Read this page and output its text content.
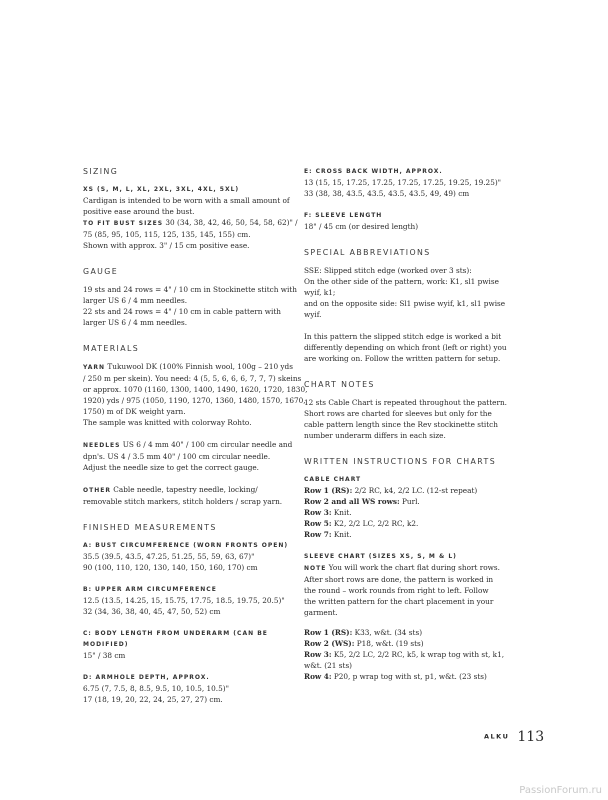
SIZING
XS (S, M, L, XL, 2XL, 3XL, 4XL, 5XL)
Cardigan is intended to be worn with a small amount of
positive ease around the bust.
TO FIT BUST SIZES 30 (34, 38, 42, 46, 50, 54, 58, 62)" /
75 (85, 95, 105, 115, 125, 135, 145, 155) cm.
Shown with approx. 3" / 15 cm positive ease.
GAUGE
19 sts and 24 rows = 4" / 10 cm in Stockinette stitch with
larger US 6 / 4 mm needles.
22 sts and 24 rows = 4" / 10 cm in cable pattern with
larger US 6 / 4 mm needles.
MATERIALS
YARN Tukuwool DK (100% Finnish wool, 100g – 210 yds
/ 250 m per skein). You need: 4 (5, 5, 6, 6, 6, 7, 7, 7) skeins
or approx. 1070 (1160, 1300, 1400, 1490, 1620, 1720, 1830,
1920) yds / 975 (1050, 1190, 1270, 1360, 1480, 1570, 1670,
1750) m of DK weight yarn.
The sample was knitted with colorway Rohto.
NEEDLES US 6 / 4 mm 40" / 100 cm circular needle and
dpn's. US 4 / 3.5 mm 40" / 100 cm circular needle.
Adjust the needle size to get the correct gauge.
OTHER Cable needle, tapestry needle, locking/
removable stitch markers, stitch holders / scrap yarn.
FINISHED MEASUREMENTS
A: BUST CIRCUMFERENCE (WORN FRONTS OPEN)
35.5 (39.5, 43.5, 47.25, 51.25, 55, 59, 63, 67)"
90 (100, 110, 120, 130, 140, 150, 160, 170) cm
B: UPPER ARM CIRCUMFERENCE
12.5 (13.5, 14.25, 15, 15.75, 17.75, 18.5, 19.75, 20.5)"
32 (34, 36, 38, 40, 45, 47, 50, 52) cm
C: BODY LENGTH FROM UNDERARM (CAN BE
MODIFIED)
15" / 38 cm
D: ARMHOLE DEPTH, APPROX.
6.75 (7, 7.5, 8, 8.5, 9.5, 10, 10.5, 10.5)"
17 (18, 19, 20, 22, 24, 25, 27, 27) cm.
E: CROSS BACK WIDTH, APPROX.
13 (15, 15, 17.25, 17.25, 17.25, 17.25, 19.25, 19.25)"
33 (38, 38, 43.5, 43.5, 43.5, 43.5, 49, 49) cm
F: SLEEVE LENGTH
18" / 45 cm (or desired length)
SPECIAL ABBREVIATIONS
SSE: Slipped stitch edge (worked over 3 sts):
On the other side of the pattern, work: K1, sl1 pwise
wyif, k1;
and on the opposite side: Sl1 pwise wyif, k1, sl1 pwise
wyif.
In this pattern the slipped stitch edge is worked a bit
differently depending on which front (left or right) you
are working on. Follow the written pattern for setup.
CHART NOTES
12 sts Cable Chart is repeated throughout the pattern.
Short rows are charted for sleeves but only for the
cable pattern length since the Rev stockinette stitch
number underarm differs in each size.
WRITTEN INSTRUCTIONS FOR CHARTS
CABLE CHART
Row 1 (RS): 2/2 RC, k4, 2/2 LC. (12-st repeat)
Row 2 and all WS rows: Purl.
Row 3: Knit.
Row 5: K2, 2/2 LC, 2/2 RC, k2.
Row 7: Knit.
SLEEVE CHART (SIZES XS, S, M & L)
NOTE You will work the chart flat during short rows.
After short rows are done, the pattern is worked in
the round – work rounds from right to left. Follow
the written pattern for the chart placement in your
garment.
Row 1 (RS): K33, w&t. (34 sts)
Row 2 (WS): P18, w&t. (19 sts)
Row 3: K5, 2/2 LC, 2/2 RC, k5, k wrap tog with st, k1,
w&t. (21 sts)
Row 4: P20, p wrap tog with st, p1, w&t. (23 sts)
ALKU 113
PassionForum.ru
